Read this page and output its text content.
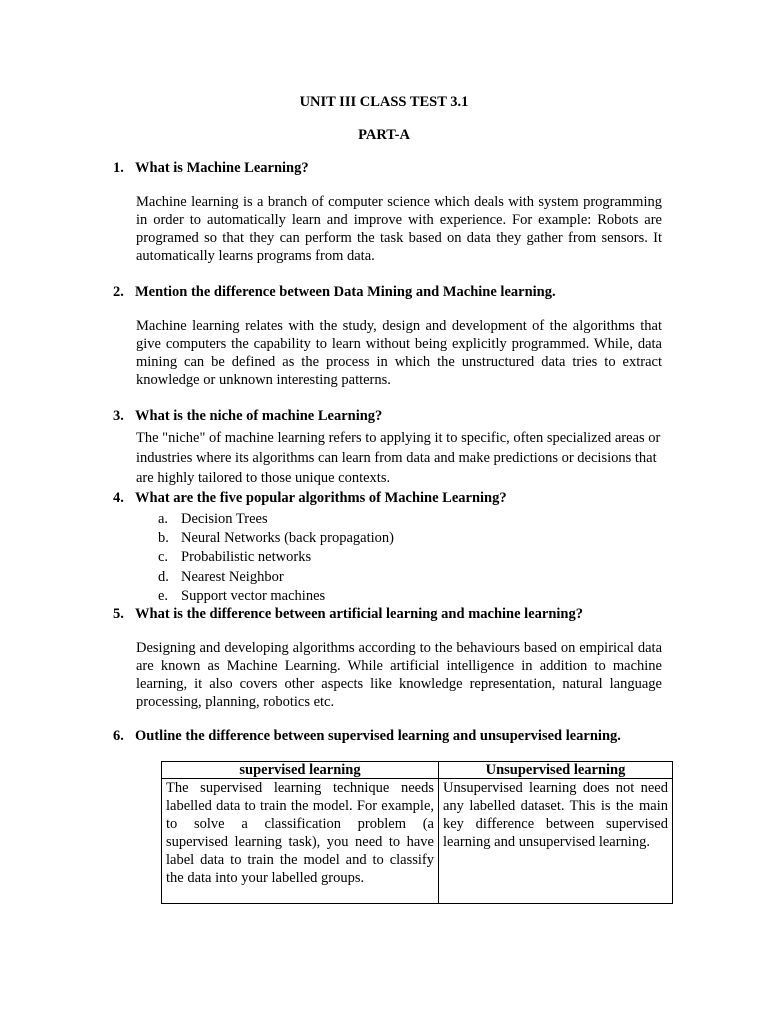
UNIT III CLASS TEST 3.1
PART-A
1. What is Machine Learning?
Machine learning is a branch of computer science which deals with system programming in order to automatically learn and improve with experience. For example: Robots are programed so that they can perform the task based on data they gather from sensors. It automatically learns programs from data.
2. Mention the difference between Data Mining and Machine learning.
Machine learning relates with the study, design and development of the algorithms that give computers the capability to learn without being explicitly programmed. While, data mining can be defined as the process in which the unstructured data tries to extract knowledge or unknown interesting patterns.
3. What is the niche of machine Learning?
The "niche" of machine learning refers to applying it to specific, often specialized areas or industries where its algorithms can learn from data and make predictions or decisions that are highly tailored to those unique contexts.
4. What are the five popular algorithms of Machine Learning?
a. Decision Trees
b. Neural Networks (back propagation)
c. Probabilistic networks
d. Nearest Neighbor
e. Support vector machines
5. What is the difference between artificial learning and machine learning?
Designing and developing algorithms according to the behaviours based on empirical data are known as Machine Learning. While artificial intelligence in addition to machine learning, it also covers other aspects like knowledge representation, natural language processing, planning, robotics etc.
6. Outline the difference between supervised learning and unsupervised learning.
supervised learning	Unsupervised learning
The supervised learning technique needs labelled data to train the model. For example, to solve a classification problem (a supervised learning task), you need to have label data to train the model and to classify the data into your labelled groups.	Unsupervised learning does not need any labelled dataset. This is the main key difference between supervised learning and unsupervised learning.
